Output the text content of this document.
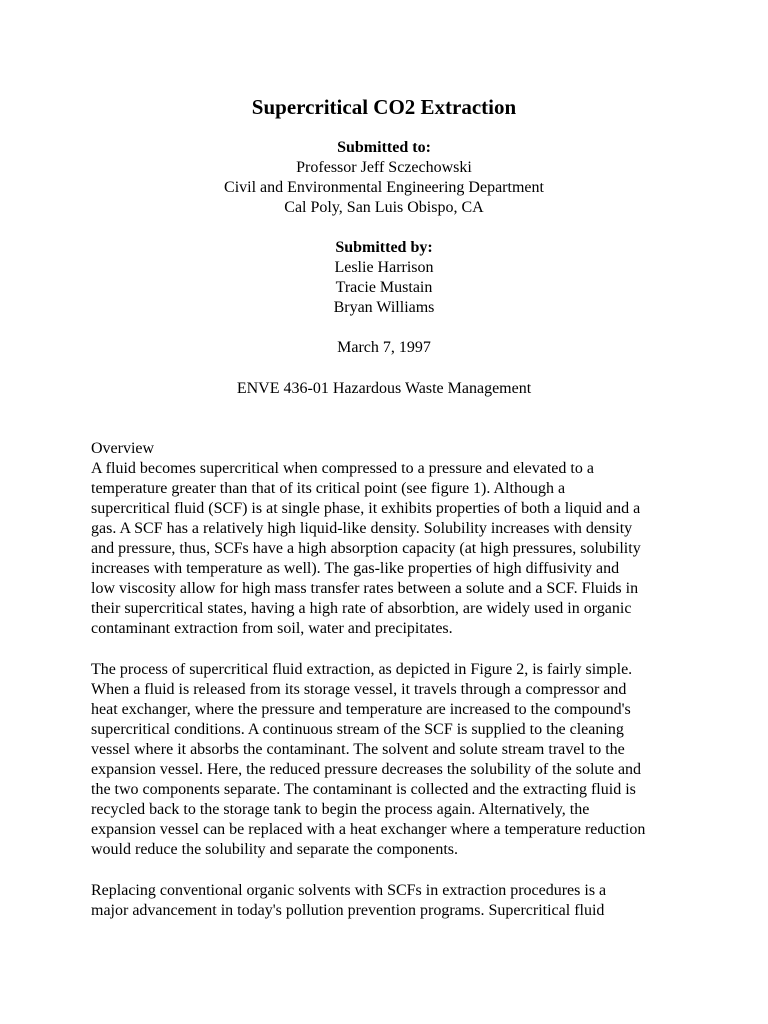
Supercritical CO2 Extraction
Submitted to:
Professor Jeff Sczechowski
Civil and Environmental Engineering Department
Cal Poly, San Luis Obispo, CA
Submitted by:
Leslie Harrison
Tracie Mustain
Bryan Williams
March 7, 1997
ENVE 436-01 Hazardous Waste Management
Overview
A fluid becomes supercritical when compressed to a pressure and elevated to a
temperature greater than that of its critical point (see figure 1). Although a
supercritical fluid (SCF) is at single phase, it exhibits properties of both a liquid and a
gas. A SCF has a relatively high liquid-like density. Solubility increases with density
and pressure, thus, SCFs have a high absorption capacity (at high pressures, solubility
increases with temperature as well). The gas-like properties of high diffusivity and
low viscosity allow for high mass transfer rates between a solute and a SCF. Fluids in
their supercritical states, having a high rate of absorbtion, are widely used in organic
contaminant extraction from soil, water and precipitates.
The process of supercritical fluid extraction, as depicted in Figure 2, is fairly simple.
When a fluid is released from its storage vessel, it travels through a compressor and
heat exchanger, where the pressure and temperature are increased to the compound's
supercritical conditions. A continuous stream of the SCF is supplied to the cleaning
vessel where it absorbs the contaminant. The solvent and solute stream travel to the
expansion vessel. Here, the reduced pressure decreases the solubility of the solute and
the two components separate. The contaminant is collected and the extracting fluid is
recycled back to the storage tank to begin the process again. Alternatively, the
expansion vessel can be replaced with a heat exchanger where a temperature reduction
would reduce the solubility and separate the components.
Replacing conventional organic solvents with SCFs in extraction procedures is a
major advancement in today's pollution prevention programs. Supercritical fluid
